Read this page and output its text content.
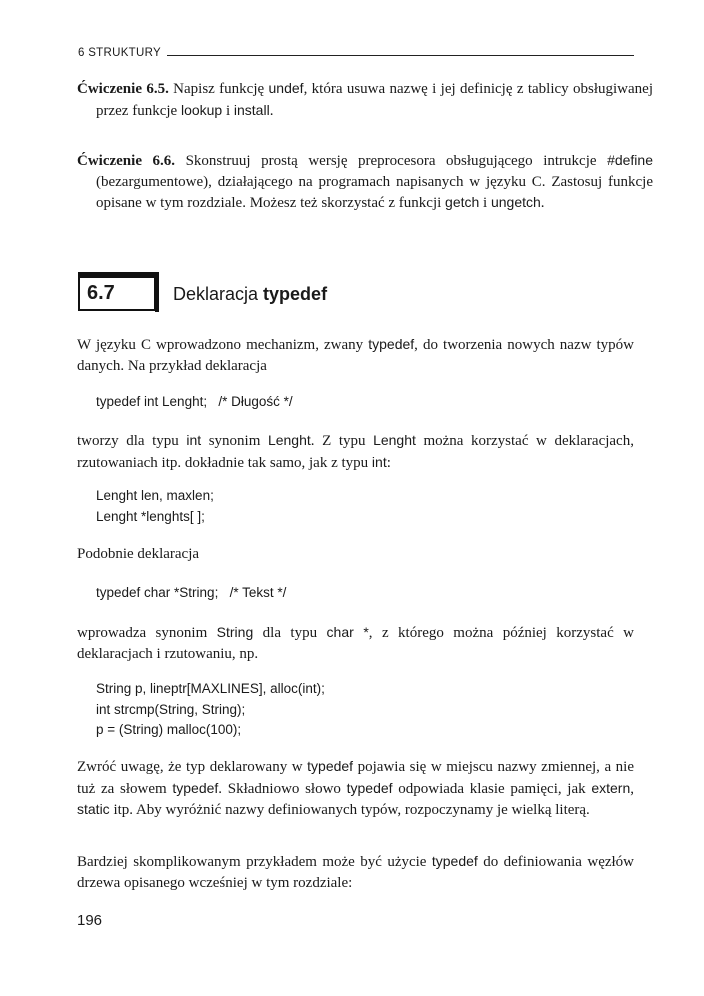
6 STRUKTURY

Ćwiczenie 6.5. Napisz funkcję undef, która usuwa nazwę i jej definicję z tablicy obsługiwanej przez funkcje lookup i install.

Ćwiczenie 6.6. Skonstruuj prostą wersję preprocesora obsługującego intrukcje #define (bezargumentowe), działającego na programach napisanych w języku C. Zastosuj funkcje opisane w tym rozdziale. Możesz też skorzystać z funkcji getch i ungetch.

6.7	Deklaracja typedef

W języku C wprowadzono mechanizm, zwany typedef, do tworzenia nowych nazw typów danych. Na przykład deklaracja

typedef int Lenght;   /* Długość */

tworzy dla typu int synonim Lenght. Z typu Lenght można korzystać w deklaracjach, rzutowaniach itp. dokładnie tak samo, jak z typu int:

Lenght len, maxlen;
Lenght *lenghts[ ];

Podobnie deklaracja

typedef char *String;   /* Tekst */

wprowadza synonim String dla typu char *, z którego można później korzystać w deklaracjach i rzutowaniu, np.

String p, lineptr[MAXLINES], alloc(int);
int strcmp(String, String);
p = (String) malloc(100);

Zwróć uwagę, że typ deklarowany w typedef pojawia się w miejscu nazwy zmiennej, a nie tuż za słowem typedef. Składniowo słowo typedef odpowiada klasie pamięci, jak extern, static itp. Aby wyróżnić nazwy definiowanych typów, rozpoczynamy je wielką literą.

Bardziej skomplikowanym przykładem może być użycie typedef do definiowania węzłów drzewa opisanego wcześniej w tym rozdziale:

196
